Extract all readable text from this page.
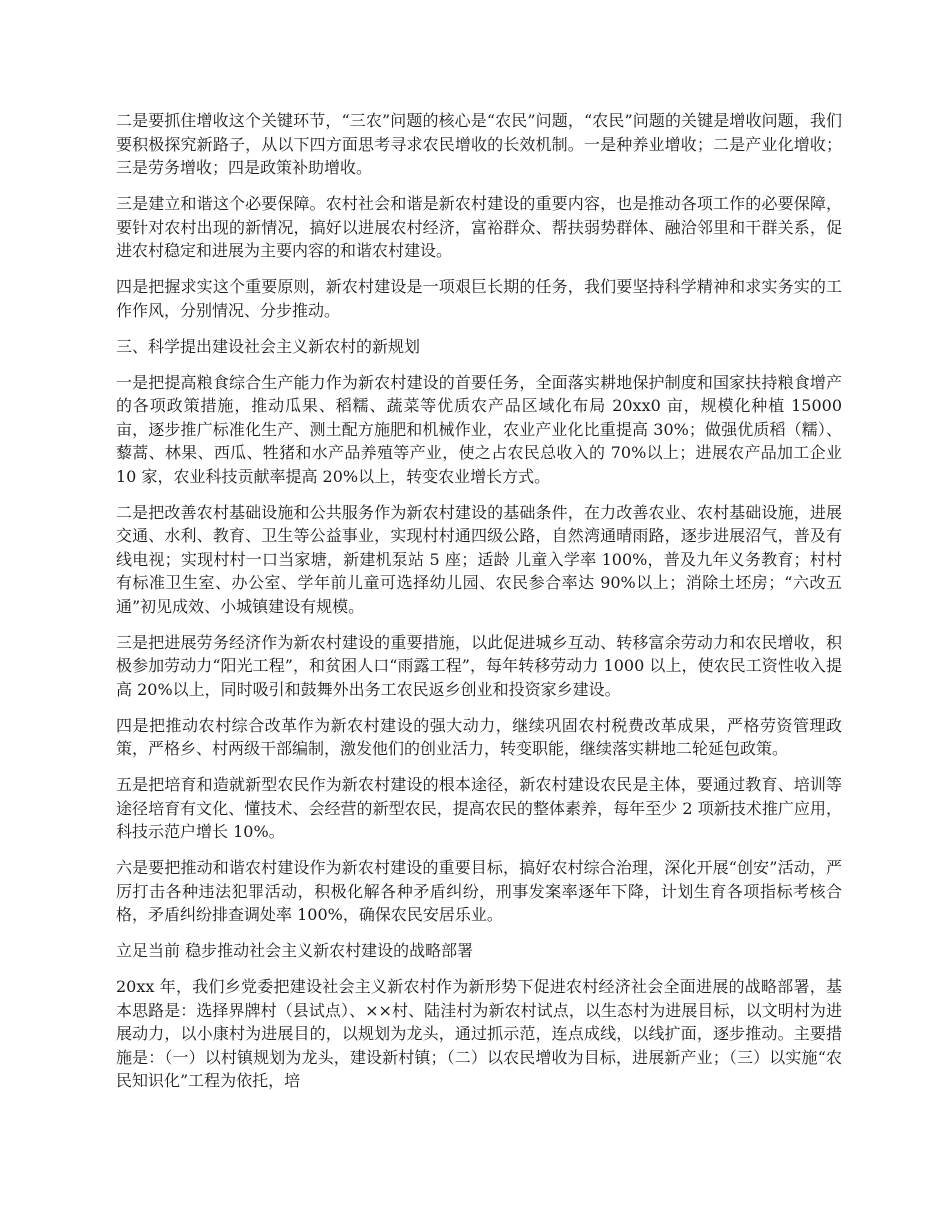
二是要抓住增收这个关键环节，“三农”问题的核心是“农民”问题，“农民”问题的关键是增收问题，我们要积极探究新路子，从以下四方面思考寻求农民增收的长效机制。一是种养业增收；二是产业化增收；三是劳务增收；四是政策补助增收。

三是建立和谐这个必要保障。农村社会和谐是新农村建设的重要内容，也是推动各项工作的必要保障，要针对农村出现的新情况，搞好以进展农村经济，富裕群众、帮扶弱势群体、融洽邻里和干群关系，促进农村稳定和进展为主要内容的和谐农村建设。

四是把握求实这个重要原则，新农村建设是一项艰巨长期的任务，我们要坚持科学精神和求实务实的工作作风，分别情况、分步推动。

三、科学提出建设社会主义新农村的新规划

一是把提高粮食综合生产能力作为新农村建设的首要任务，全面落实耕地保护制度和国家扶持粮食增产的各项政策措施，推动瓜果、稻糯、蔬菜等优质农产品区域化布局 20xx0 亩，规模化种植 15000 亩，逐步推广标准化生产、测土配方施肥和机械作业，农业产业化比重提高 30%；做强优质稻（糯）、藜蒿、林果、西瓜、牲猪和水产品养殖等产业，使之占农民总收入的 70%以上；进展农产品加工企业 10 家，农业科技贡献率提高 20%以上，转变农业增长方式。

二是把改善农村基础设施和公共服务作为新农村建设的基础条件，在力改善农业、农村基础设施，进展交通、水利、教育、卫生等公益事业，实现村村通四级公路，自然湾通晴雨路，逐步进展沼气，普及有线电视；实现村村一口当家塘，新建机泵站 5 座；适龄 儿童入学率 100%，普及九年义务教育；村村有标准卫生室、办公室、学年前儿童可选择幼儿园、农民参合率达 90%以上；消除土坯房；“六改五通”初见成效、小城镇建设有规模。

三是把进展劳务经济作为新农村建设的重要措施，以此促进城乡互动、转移富余劳动力和农民增收，积极参加劳动力“阳光工程”，和贫困人口“雨露工程”，每年转移劳动力 1000 以上，使农民工资性收入提高 20%以上，同时吸引和鼓舞外出务工农民返乡创业和投资家乡建设。

四是把推动农村综合改革作为新农村建设的强大动力，继续巩固农村税费改革成果，严格劳资管理政策，严格乡、村两级干部编制，激发他们的创业活力，转变职能，继续落实耕地二轮延包政策。

五是把培育和造就新型农民作为新农村建设的根本途径，新农村建设农民是主体，要通过教育、培训等途径培育有文化、懂技术、会经营的新型农民，提高农民的整体素养，每年至少 2 项新技术推广应用，科技示范户增长 10%。

六是要把推动和谐农村建设作为新农村建设的重要目标，搞好农村综合治理，深化开展“创安”活动，严厉打击各种违法犯罪活动，积极化解各种矛盾纠纷，刑事发案率逐年下降，计划生育各项指标考核合格，矛盾纠纷排查调处率 100%，确保农民安居乐业。

立足当前 稳步推动社会主义新农村建设的战略部署

20xx 年，我们乡党委把建设社会主义新农村作为新形势下促进农村经济社会全面进展的战略部署，基本思路是：选择界牌村（县试点）、××村、陆洼村为新农村试点，以生态村为进展目标，以文明村为进展动力，以小康村为进展目的，以规划为龙头，通过抓示范，连点成线，以线扩面，逐步推动。主要措施是：（一）以村镇规划为龙头，建设新村镇；（二）以农民增收为目标，进展新产业；（三）以实施“农民知识化”工程为依托，培
